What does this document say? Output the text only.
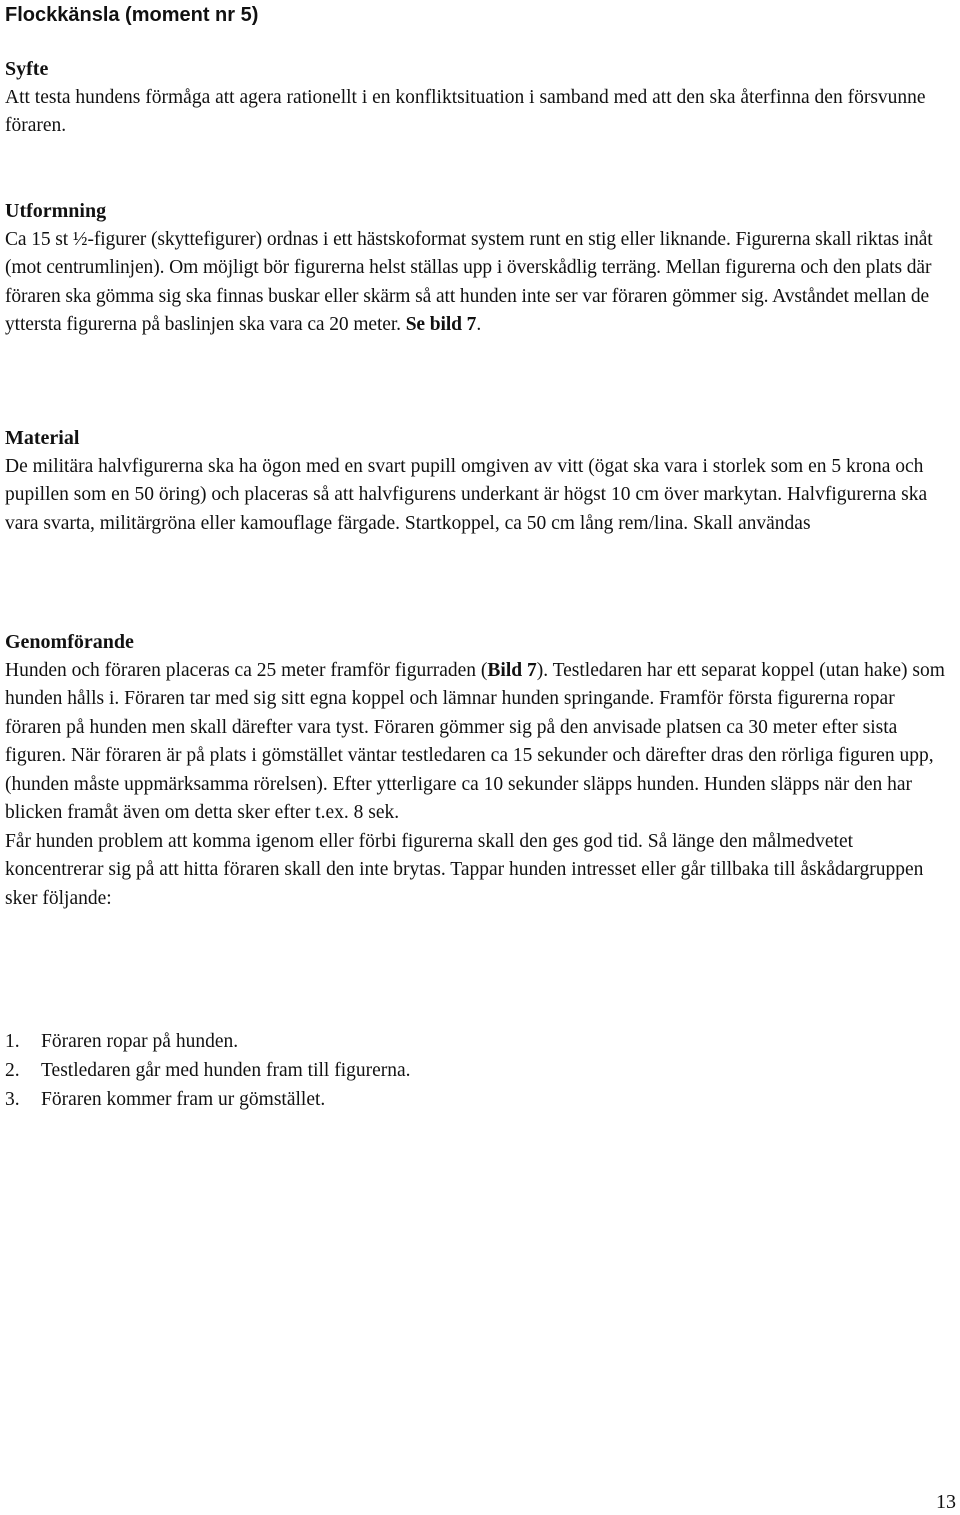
Flockkänsla (moment nr 5)
Syfte

Att testa hundens förmåga att agera rationellt i en konfliktsituation i samband med att den ska återfinna den försvunne föraren.

Utformning

Ca 15 st ½-figurer (skyttefigurer) ordnas i ett hästskoformat system runt en stig eller liknande. Figurerna skall riktas inåt (mot centrumlinjen). Om möjligt bör figurerna helst ställas upp i överskådlig terräng. Mellan figurerna och den plats där föraren ska gömma sig ska finnas buskar eller skärm så att hunden inte ser var föraren gömmer sig. Avståndet mellan de yttersta figurerna på baslinjen ska vara ca 20 meter. Se bild 7.

Material

De militära halvfigurerna ska ha ögon med en svart pupill omgiven av vitt (ögat ska vara i storlek som en 5 krona och pupillen som en 50 öring) och placeras så att halvfigurens underkant är högst 10 cm över markytan. Halvfigurerna ska vara svarta, militärgröna eller kamouflage färgade. Startkoppel, ca 50 cm lång rem/lina. Skall användas

Genomförande

Hunden och föraren placeras ca 25 meter framför figurraden (Bild 7). Testledaren har ett separat koppel (utan hake) som hunden hålls i. Föraren tar med sig sitt egna koppel och lämnar hunden springande. Framför första figurerna ropar föraren på hunden men skall därefter vara tyst. Föraren gömmer sig på den anvisade platsen ca 30 meter efter sista figuren. När föraren är på plats i gömstället väntar testledaren ca 15 sekunder och därefter dras den rörliga figuren upp, (hunden måste uppmärksamma rörelsen). Efter ytterligare ca 10 sekunder släpps hunden. Hunden släpps när den har blicken framåt även om detta sker efter t.ex. 8 sek.

Får hunden problem att komma igenom eller förbi figurerna skall den ges god tid. Så länge den målmedvetet koncentrerar sig på att hitta föraren skall den inte brytas. Tappar hunden intresset eller går tillbaka till åskådargruppen sker följande:

1.	Föraren ropar på hunden.
2.	Testledaren går med hunden fram till figurerna.
3.	Föraren kommer fram ur gömstället.
13
